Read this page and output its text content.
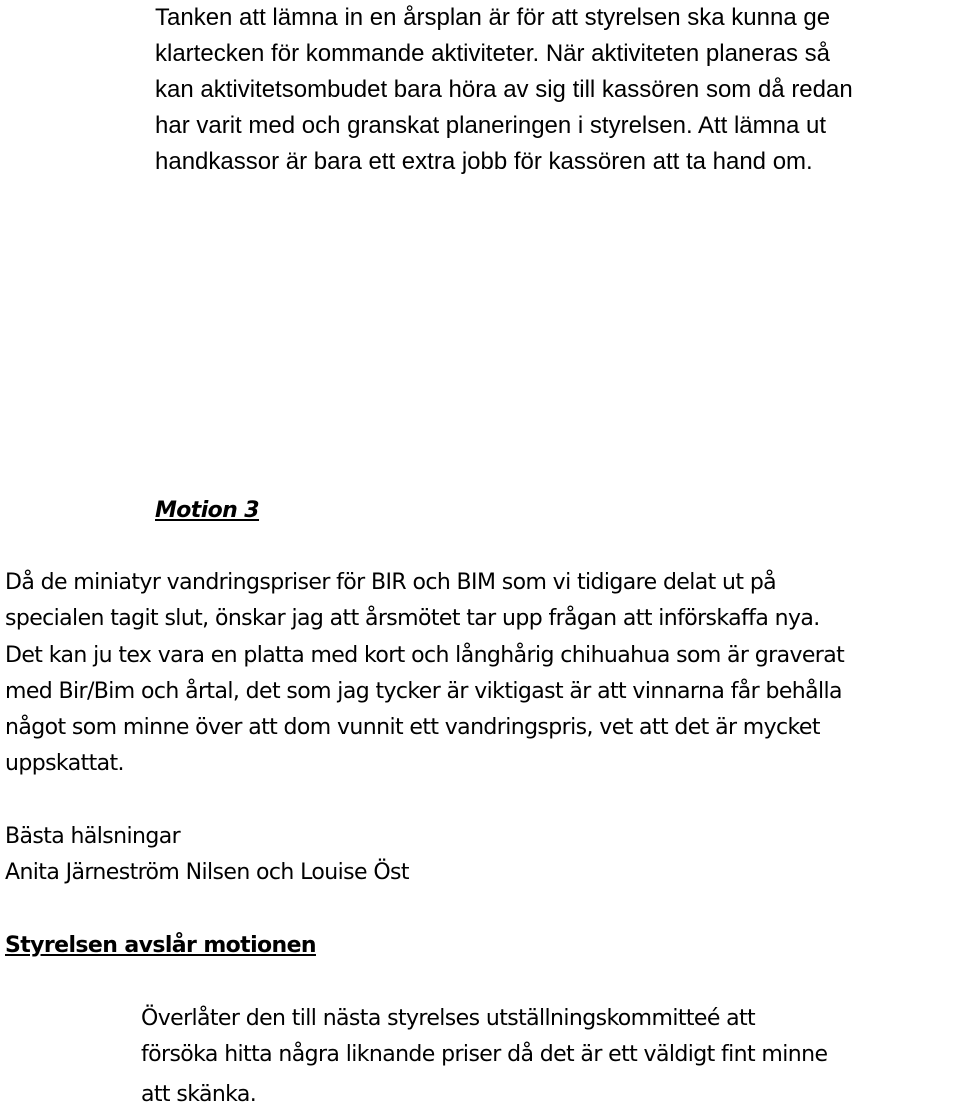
Tanken att lämna in en årsplan är för att styrelsen ska kunna ge
klartecken för kommande aktiviteter. När aktiviteten planeras så
kan aktivitetsombudet bara höra av sig till kassören som då redan
har varit med och granskat planeringen i styrelsen. Att lämna ut
handkassor är bara ett extra jobb för kassören att ta hand om.
Motion 3
Då de miniatyr vandringspriser för BIR och BIM som vi tidigare delat ut på
specialen tagit slut, önskar jag att årsmötet tar upp frågan att införskaffa nya.
Det kan ju tex vara en platta med kort och långhårig chihuahua som är graverat
med Bir/Bim och årtal, det som jag tycker är viktigast är att vinnarna får behålla
något som minne över att dom vunnit ett vandringspris, vet att det är mycket
uppskattat.
Bästa hälsningar
Anita Järneström Nilsen och Louise Öst
Styrelsen avslår motionen
Överlåter den till nästa styrelses utställningskommitteé att
försöka hitta några liknande priser då det är ett väldigt fint minne
att skänka.
